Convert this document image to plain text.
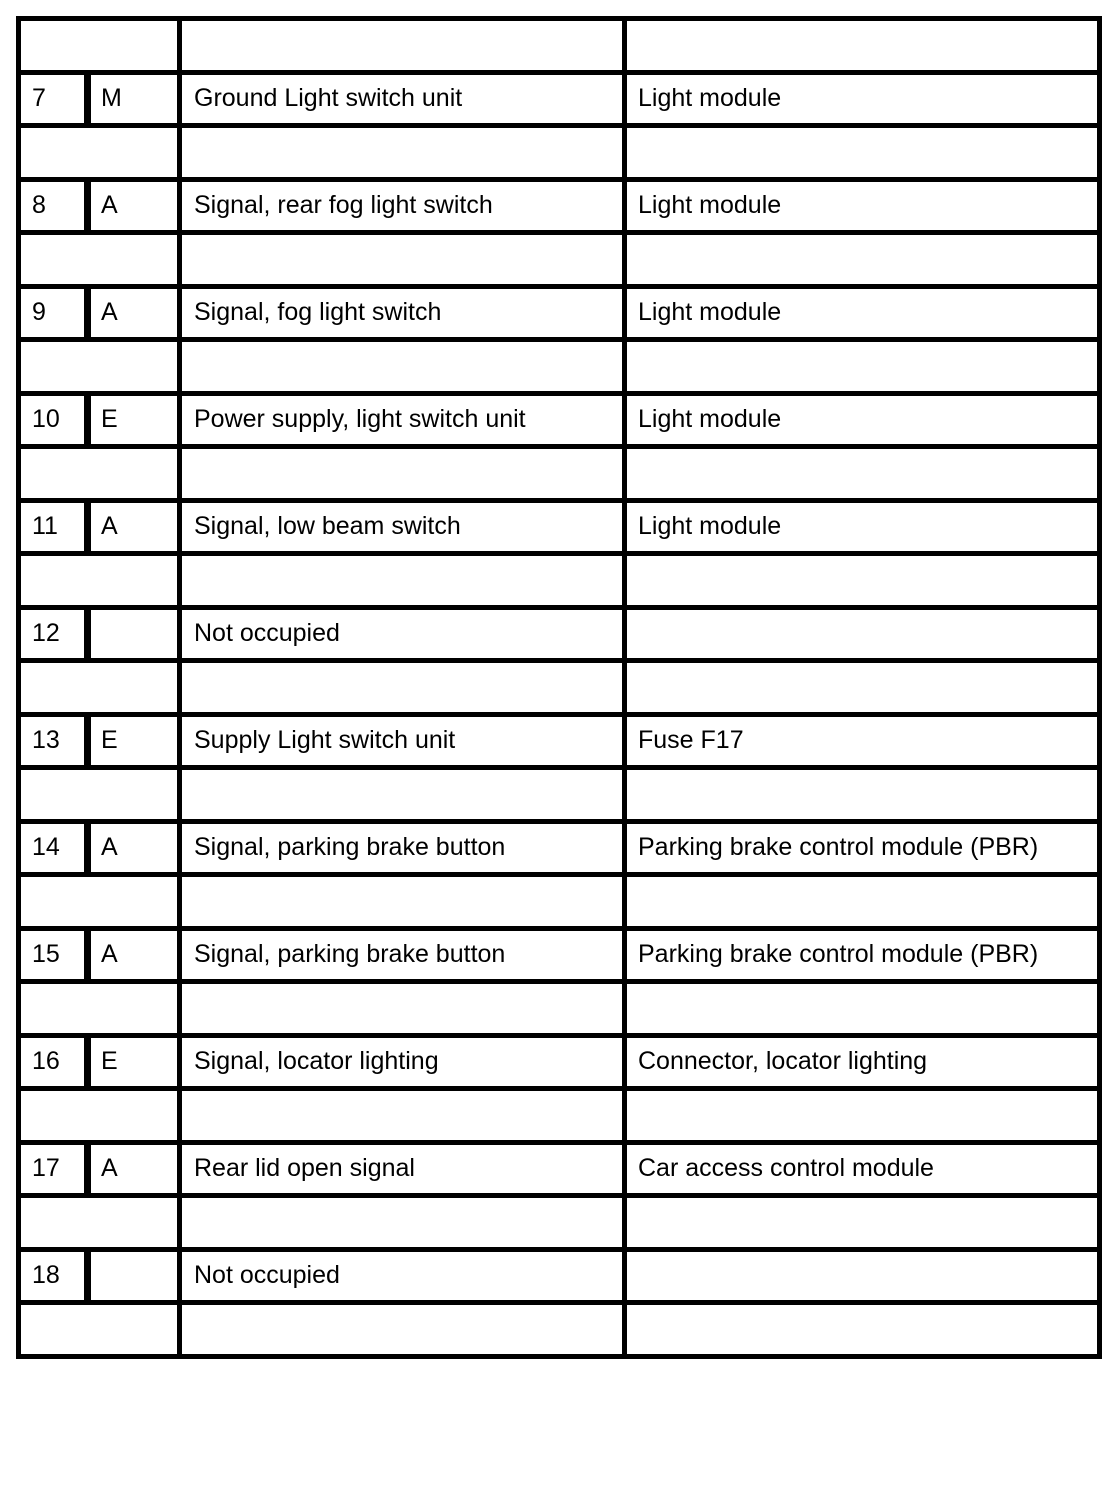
7	M	Ground Light switch unit	Light module

8	A	Signal, rear fog light switch	Light module

9	A	Signal, fog light switch	Light module

10	E	Power supply, light switch unit	Light module

11	A	Signal, low beam switch	Light module

12		Not occupied	

13	E	Supply Light switch unit	Fuse F17

14	A	Signal, parking brake button	Parking brake control module (PBR)

15	A	Signal, parking brake button	Parking brake control module (PBR)

16	E	Signal, locator lighting	Connector, locator lighting

17	A	Rear lid open signal	Car access control module

18		Not occupied	
